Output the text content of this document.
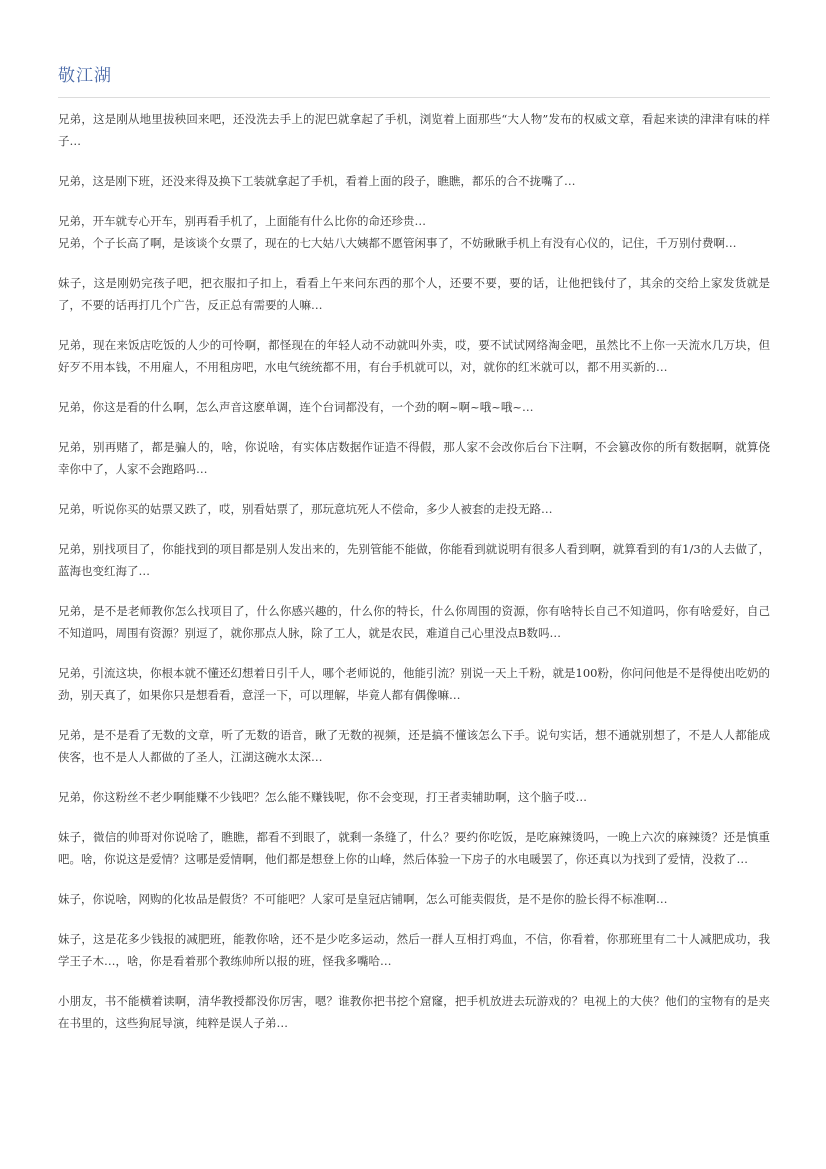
敬江湖
兄弟，这是刚从地里拔秧回来吧，还没洗去手上的泥巴就拿起了手机，浏览着上面那些“大人物”发布的权威文章，看起来读的津津有味的样子…
兄弟，这是刚下班，还没来得及换下工装就拿起了手机，看着上面的段子，瞧瞧，都乐的合不拢嘴了…
兄弟，开车就专心开车，别再看手机了，上面能有什么比你的命还珍贵…
兄弟，个子长高了啊，是该谈个女票了，现在的七大姑八大姨都不愿管闲事了，不妨瞅瞅手机上有没有心仪的，记住，千万别付费啊…
妹子，这是刚奶完孩子吧，把衣服扣子扣上，看看上午来问东西的那个人，还要不要，要的话，让他把钱付了，其余的交给上家发货就是了，不要的话再打几个广告，反正总有需要的人嘛…
兄弟，现在来饭店吃饭的人少的可怜啊，都怪现在的年轻人动不动就叫外卖，哎，要不试试网络淘金吧，虽然比不上你一天流水几万块，但好歹不用本钱，不用雇人，不用租房吧，水电气统统都不用，有台手机就可以，对，就你的红米就可以，都不用买新的…
兄弟，你这是看的什么啊，怎么声音这麽单调，连个台词都没有，一个劲的啊~啊~哦~哦~…
兄弟，别再赌了，都是骗人的，啥，你说啥，有实体店数据作证造不得假，那人家不会改你后台下注啊，不会篡改你的所有数据啊，就算侥幸你中了，人家不会跑路吗…
兄弟，听说你买的姑票又跌了，哎，别看姑票了，那玩意坑死人不偿命，多少人被套的走投无路…
兄弟，别找项目了，你能找到的项目都是别人发出来的，先别管能不能做，你能看到就说明有很多人看到啊，就算看到的有1/3的人去做了，蓝海也变红海了…
兄弟，是不是老师教你怎么找项目了，什么你感兴趣的，什么你的特长，什么你周围的资源，你有啥特长自己不知道吗，你有啥爱好，自己不知道吗，周围有资源？别逗了，就你那点人脉，除了工人，就是农民，难道自己心里没点B数吗…
兄弟，引流这块，你根本就不懂还幻想着日引千人，哪个老师说的，他能引流？别说一天上千粉，就是100粉，你问问他是不是得使出吃奶的劲，别天真了，如果你只是想看看，意淫一下，可以理解，毕竟人都有偶像嘛…
兄弟，是不是看了无数的文章，听了无数的语音，瞅了无数的视频，还是搞不懂该怎么下手。说句实话，想不通就别想了，不是人人都能成侠客，也不是人人都做的了圣人，江湖这碗水太深…
兄弟，你这粉丝不老少啊能赚不少钱吧？怎么能不赚钱呢，你不会变现，打王者卖辅助啊，这个脑子哎…
妹子，微信的帅哥对你说啥了，瞧瞧，都看不到眼了，就剩一条缝了，什么？要约你吃饭，是吃麻辣烫吗，一晚上六次的麻辣烫？还是慎重吧。啥，你说这是爱情？这哪是爱情啊，他们都是想登上你的山峰，然后体验一下房子的水电暖罢了，你还真以为找到了爱情，没救了…
妹子，你说啥，网购的化妆品是假货？不可能吧？人家可是皇冠店铺啊，怎么可能卖假货，是不是你的脸长得不标准啊…
妹子，这是花多少钱报的减肥班，能教你啥，还不是少吃多运动，然后一群人互相打鸡血，不信，你看着，你那班里有二十人减肥成功，我学王子木…，啥，你是看着那个教练帅所以报的班，怪我多嘴哈…
小朋友，书不能横着读啊，清华教授都没你厉害，嗯？谁教你把书挖个窟窿，把手机放进去玩游戏的？电视上的大侠？他们的宝物有的是夹在书里的，这些狗屁导演，纯粹是误人子弟…
